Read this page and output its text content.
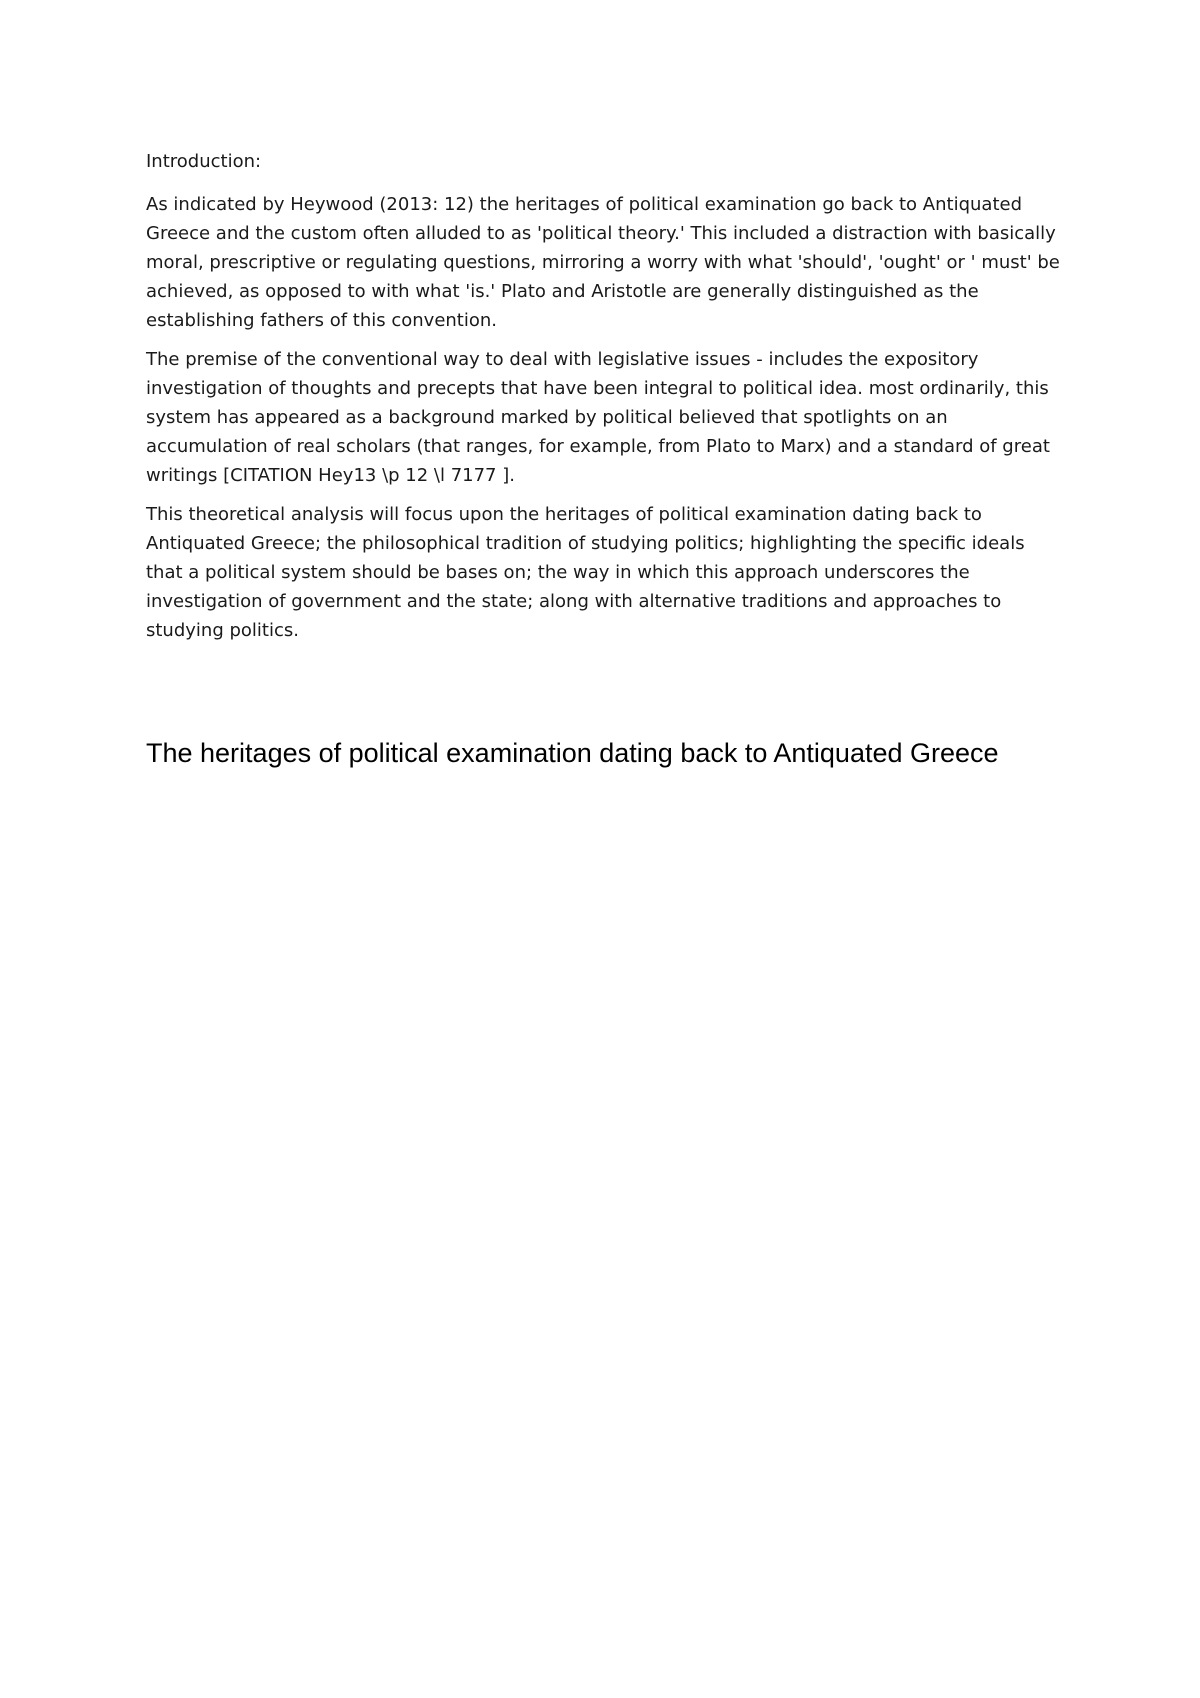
Introduction:

As indicated by Heywood (2013: 12) the heritages of political examination go back to Antiquated Greece and the custom often alluded to as 'political theory.' This included a distraction with basically moral, prescriptive or regulating questions, mirroring a worry with what 'should', 'ought' or ' must' be achieved, as opposed to with what 'is.' Plato and Aristotle are generally distinguished as the establishing fathers of this convention.

The premise of the conventional way to deal with legislative issues - includes the expository investigation of thoughts and precepts that have been integral to political idea. most ordinarily, this system has appeared as a background marked by political believed that spotlights on an accumulation of real scholars (that ranges, for example, from Plato to Marx) and a standard of great writings [CITATION Hey13 \p 12 \l 7177 ].

This theoretical analysis will focus upon the heritages of political examination dating back to Antiquated Greece; the philosophical tradition of studying politics; highlighting the specific ideals that a political system should be bases on; the way in which this approach underscores the investigation of government and the state; along with alternative traditions and approaches to studying politics.

The heritages of political examination dating back to Antiquated Greece
